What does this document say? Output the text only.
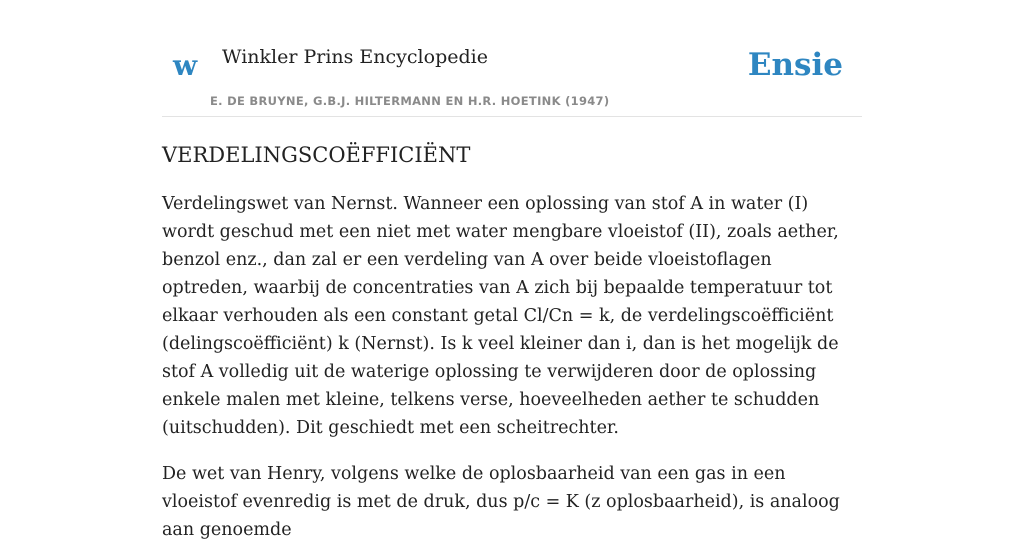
w Winkler Prins Encyclopedie
E. DE BRUYNE, G.B.J. HILTERMANN EN H.R. HOETINK (1947)
Ensie
VERDELINGSCOËFFICIËNT

Verdelingswet van Nernst. Wanneer een oplossing van stof A in water (I) wordt geschud met een niet met water mengbare vloeistof (II), zoals aether, benzol enz., dan zal er een verdeling van A over beide vloeistoflagen optreden, waarbij de concentraties van A zich bij bepaalde temperatuur tot elkaar verhouden als een constant getal Cl/Cn = k, de verdelingscoëfficiënt (delingscoëfficiënt) k (Nernst). Is k veel kleiner dan i, dan is het mogelijk de stof A volledig uit de waterige oplossing te verwijderen door de oplossing enkele malen met kleine, telkens verse, hoeveelheden aether te schudden (uitschudden). Dit geschiedt met een scheitrechter.

De wet van Henry, volgens welke de oplosbaarheid van een gas in een vloeistof evenredig is met de druk, dus p/c = K (z oplosbaarheid), is analoog aan genoemde
